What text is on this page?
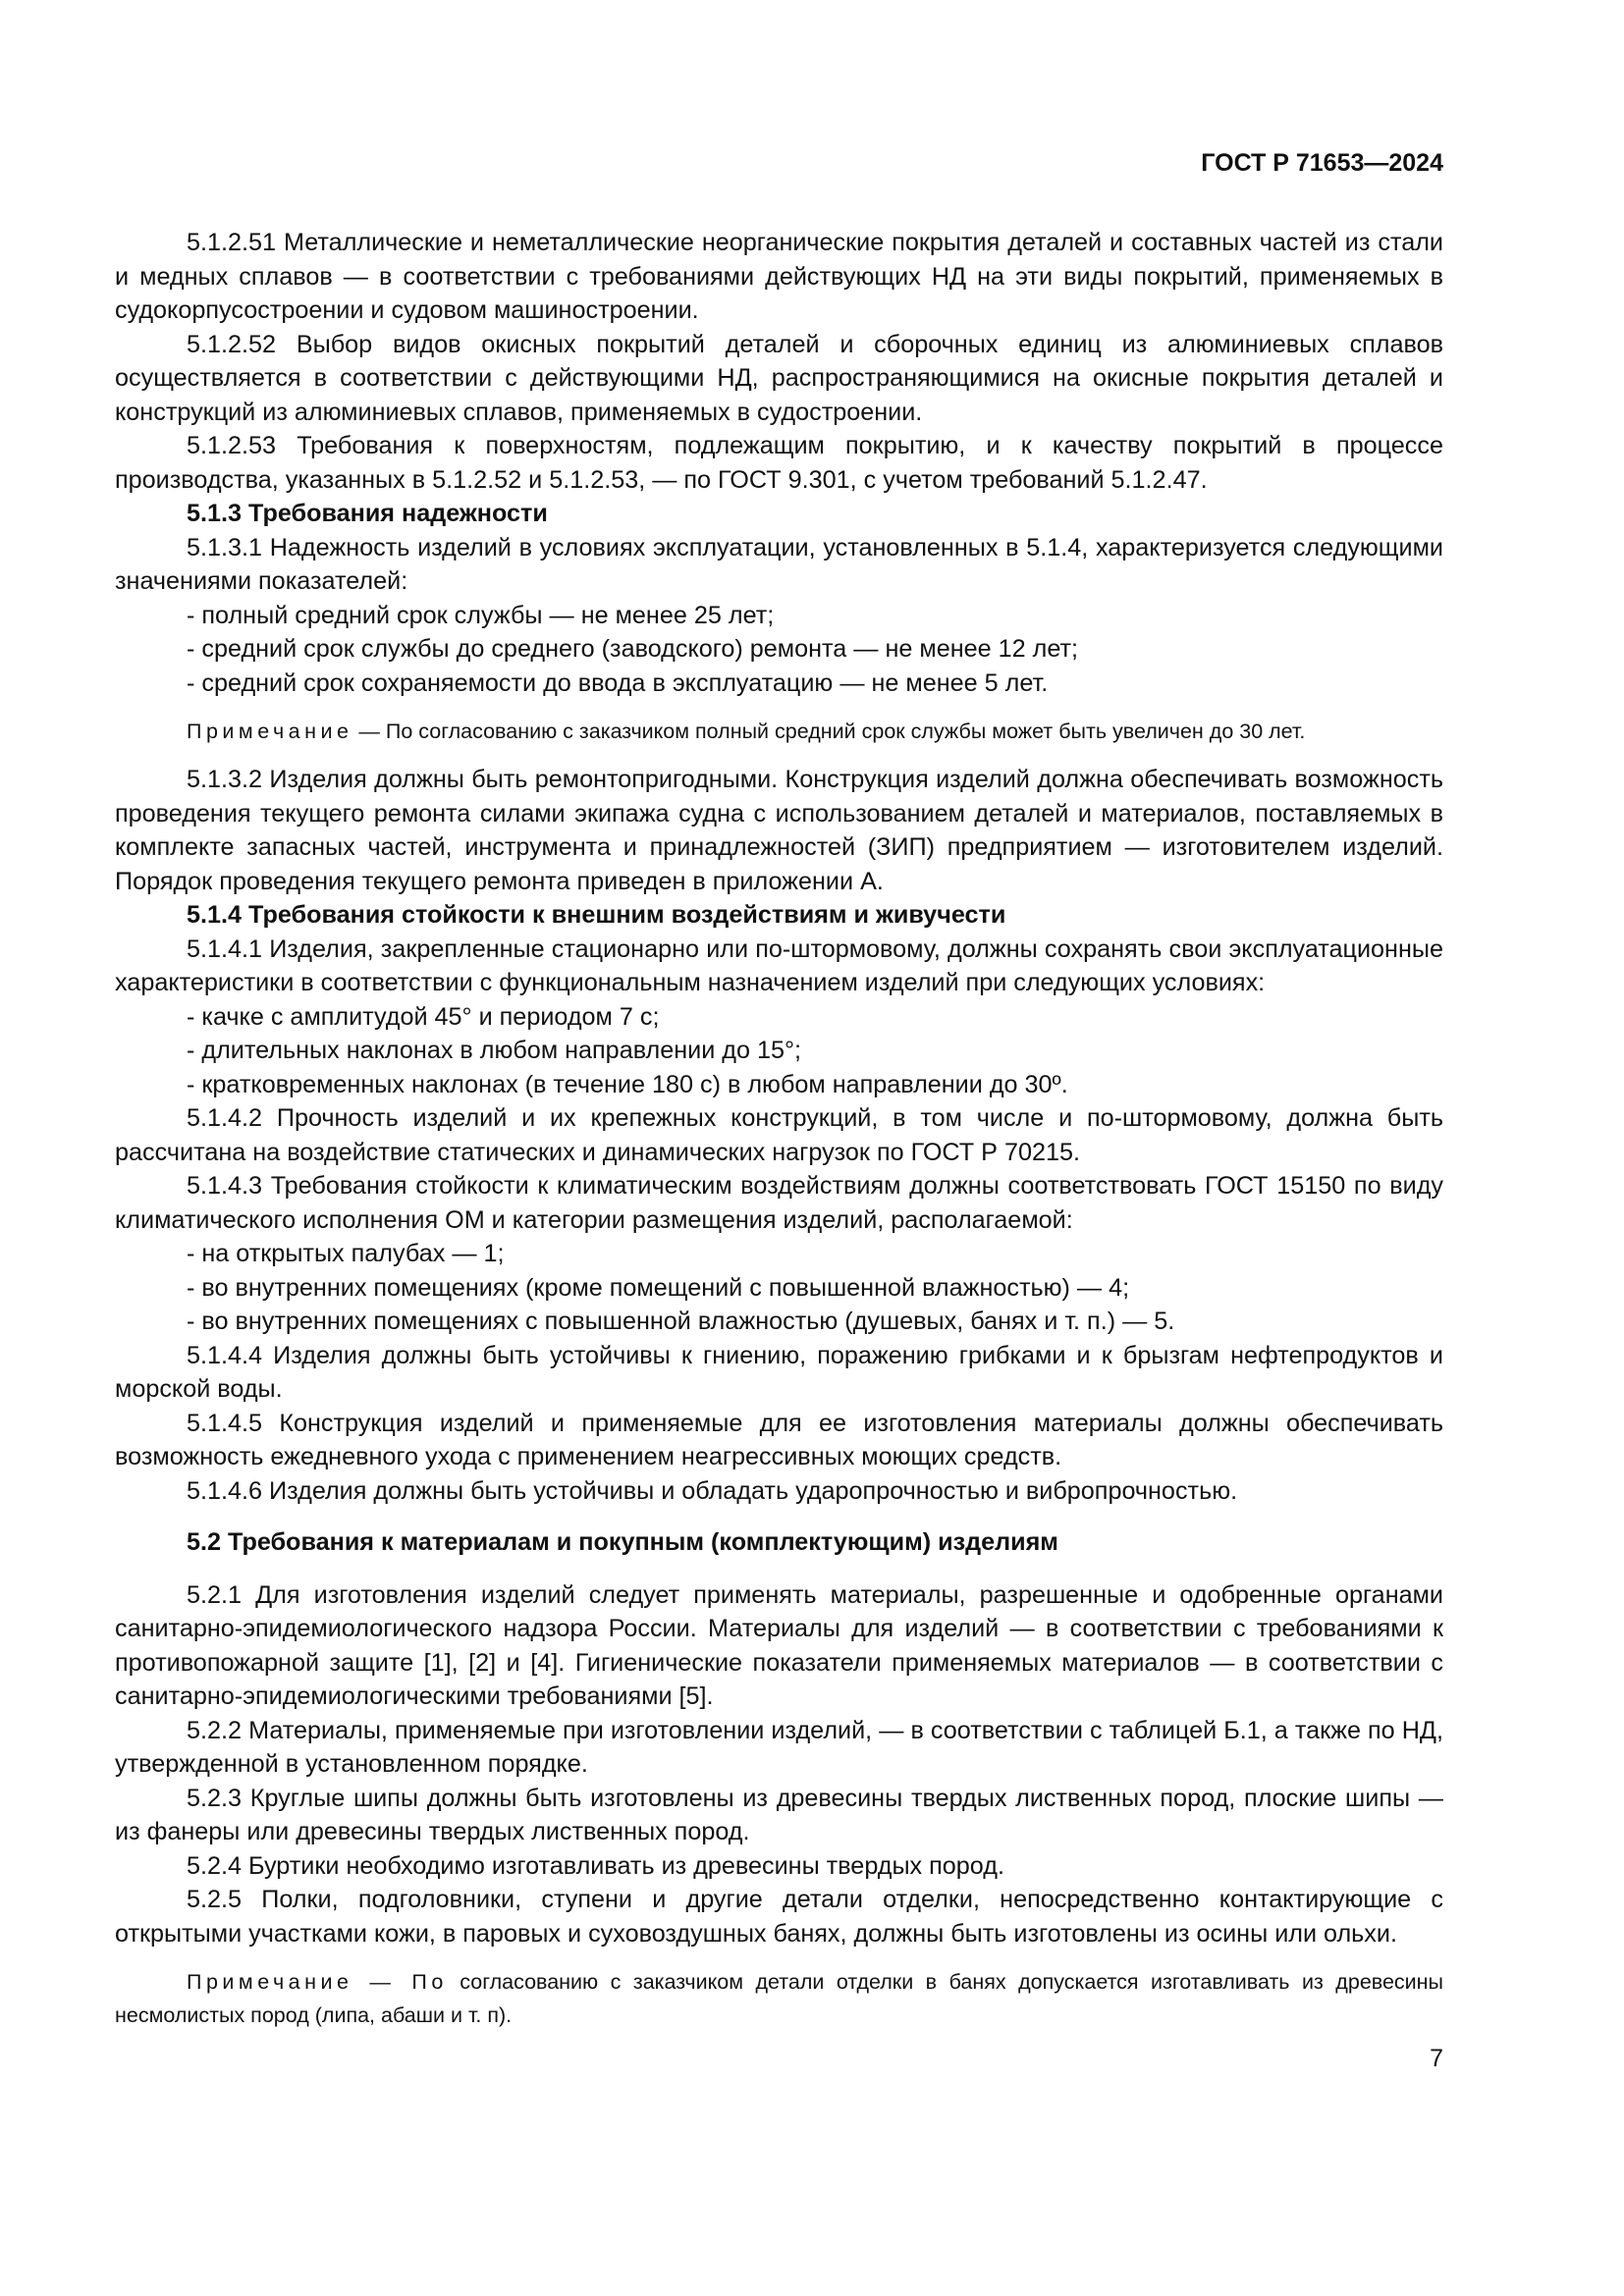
ГОСТ Р 71653—2024

5.1.2.51 Металлические и неметаллические неорганические покрытия деталей и составных частей из стали и медных сплавов — в соответствии с требованиями действующих НД на эти виды покрытий, применяемых в судокорпусостроении и судовом машиностроении.

5.1.2.52 Выбор видов окисных покрытий деталей и сборочных единиц из алюминиевых сплавов осуществляется в соответствии с действующими НД, распространяющимися на окисные покрытия деталей и конструкций из алюминиевых сплавов, применяемых в судостроении.

5.1.2.53 Требования к поверхностям, подлежащим покрытию, и к качеству покрытий в процессе производства, указанных в 5.1.2.52 и 5.1.2.53, — по ГОСТ 9.301, с учетом требований 5.1.2.47.

5.1.3 Требования надежности

5.1.3.1 Надежность изделий в условиях эксплуатации, установленных в 5.1.4, характеризуется следующими значениями показателей:

- полный средний срок службы — не менее 25 лет;
- средний срок службы до среднего (заводского) ремонта — не менее 12 лет;
- средний срок сохраняемости до ввода в эксплуатацию — не менее 5 лет.

Примечание — По согласованию с заказчиком полный средний срок службы может быть увеличен до 30 лет.

5.1.3.2 Изделия должны быть ремонтопригодными. Конструкция изделий должна обеспечивать возможность проведения текущего ремонта силами экипажа судна с использованием деталей и материалов, поставляемых в комплекте запасных частей, инструмента и принадлежностей (ЗИП) предприятием — изготовителем изделий. Порядок проведения текущего ремонта приведен в приложении А.

5.1.4 Требования стойкости к внешним воздействиям и живучести

5.1.4.1 Изделия, закрепленные стационарно или по-штормовому, должны сохранять свои эксплуатационные характеристики в соответствии с функциональным назначением изделий при следующих условиях:

- качке с амплитудой 45° и периодом 7 с;
- длительных наклонах в любом направлении до 15°;
- кратковременных наклонах (в течение 180 с) в любом направлении до 30º.

5.1.4.2 Прочность изделий и их крепежных конструкций, в том числе и по-штормовому, должна быть рассчитана на воздействие статических и динамических нагрузок по ГОСТ Р 70215.

5.1.4.3 Требования стойкости к климатическим воздействиям должны соответствовать ГОСТ 15150 по виду климатического исполнения ОМ и категории размещения изделий, располагаемой:

- на открытых палубах — 1;
- во внутренних помещениях (кроме помещений с повышенной влажностью) — 4;
- во внутренних помещениях с повышенной влажностью (душевых, банях и т. п.) — 5.

5.1.4.4 Изделия должны быть устойчивы к гниению, поражению грибками и к брызгам нефтепродуктов и морской воды.

5.1.4.5 Конструкция изделий и применяемые для ее изготовления материалы должны обеспечивать возможность ежедневного ухода с применением неагрессивных моющих средств.

5.1.4.6 Изделия должны быть устойчивы и обладать ударопрочностью и вибропрочностью.

5.2 Требования к материалам и покупным (комплектующим) изделиям

5.2.1 Для изготовления изделий следует применять материалы, разрешенные и одобренные органами санитарно-эпидемиологического надзора России. Материалы для изделий — в соответствии с требованиями к противопожарной защите [1], [2] и [4]. Гигиенические показатели применяемых материалов — в соответствии с санитарно-эпидемиологическими требованиями [5].

5.2.2 Материалы, применяемые при изготовлении изделий, — в соответствии с таблицей Б.1, а также по НД, утвержденной в установленном порядке.

5.2.3 Круглые шипы должны быть изготовлены из древесины твердых лиственных пород, плоские шипы — из фанеры или древесины твердых лиственных пород.

5.2.4 Буртики необходимо изготавливать из древесины твердых пород.

5.2.5 Полки, подголовники, ступени и другие детали отделки, непосредственно контактирующие с открытыми участками кожи, в паровых и суховоздушных банях, должны быть изготовлены из осины или ольхи.

Примечание — По согласованию с заказчиком детали отделки в банях допускается изготавливать из древесины несмолистых пород (липа, абаши и т. п).

7
